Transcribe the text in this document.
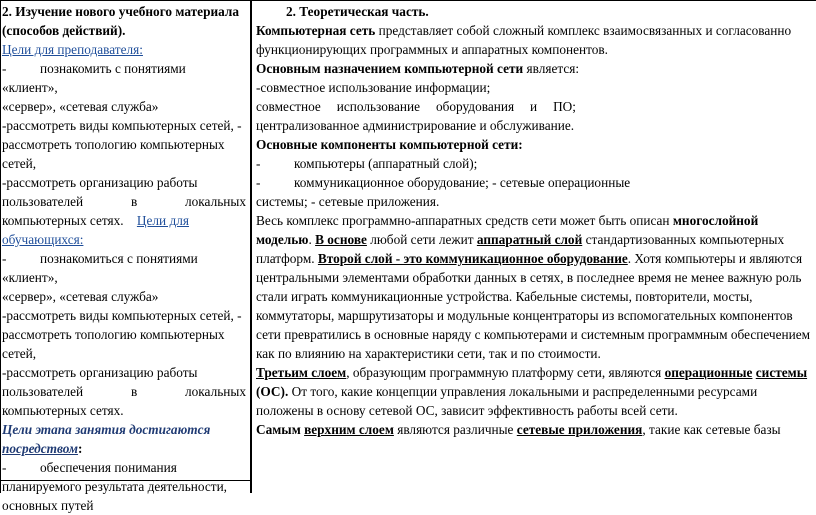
2. Изучение нового учебного материала
(способов действий).
Цели для преподавателя:
-	познакомить с понятиями
«клиент»,
«сервер», «сетевая служба»
-рассмотреть виды компьютерных сетей, -
рассмотреть топологию компьютерных
сетей,
-рассмотреть организацию работы
пользователей	в	локальных
компьютерных сетях. Цели для
обучающихся:
-	познакомиться с понятиями
«клиент»,
«сервер», «сетевая служба»
-рассмотреть виды компьютерных сетей, -
рассмотреть топологию компьютерных
сетей,
-рассмотреть организацию работы
пользователей	в	локальных
компьютерных сетях.
Цели этапа занятия достигаются
посредством:
-	обеспечения понимания
планируемого результата деятельности,
основных путей
2. Теоретическая часть.
Компьютерная сеть представляет собой сложный комплекс взаимосвязанных и согласованно
функционирующих программных и аппаратных компонентов.
Основным назначением компьютерной сети является:
-совместное использование информации;
совместное использование оборудования и ПО;
централизованное администрирование и обслуживание.
Основные компоненты компьютерной сети:
-	компьютеры (аппаратный слой);
-	коммуникационное оборудование; - сетевые операционные
системы; - сетевые приложения.
Весь комплекс программно-аппаратных средств сети может быть описан многослойной
моделью. В основе любой сети лежит аппаратный слой стандартизованных компьютерных
платформ. Второй слой - это коммуникационное оборудование. Хотя компьютеры и являются
центральными элементами обработки данных в сетях, в последнее время не менее важную роль
стали играть коммуникационные устройства. Кабельные системы, повторители, мосты,
коммутаторы, маршрутизаторы и модульные концентраторы из вспомогательных компонентов
сети превратились в основные наряду с компьютерами и системным программным обеспечением
как по влиянию на характеристики сети, так и по стоимости.
Третьим слоем, образующим программную платформу сети, являются операционные системы
(ОС). От того, какие концепции управления локальными и распределенными ресурсами
положены в основу сетевой ОС, зависит эффективность работы всей сети.
Самым верхним слоем являются различные сетевые приложения, такие как сетевые базы
